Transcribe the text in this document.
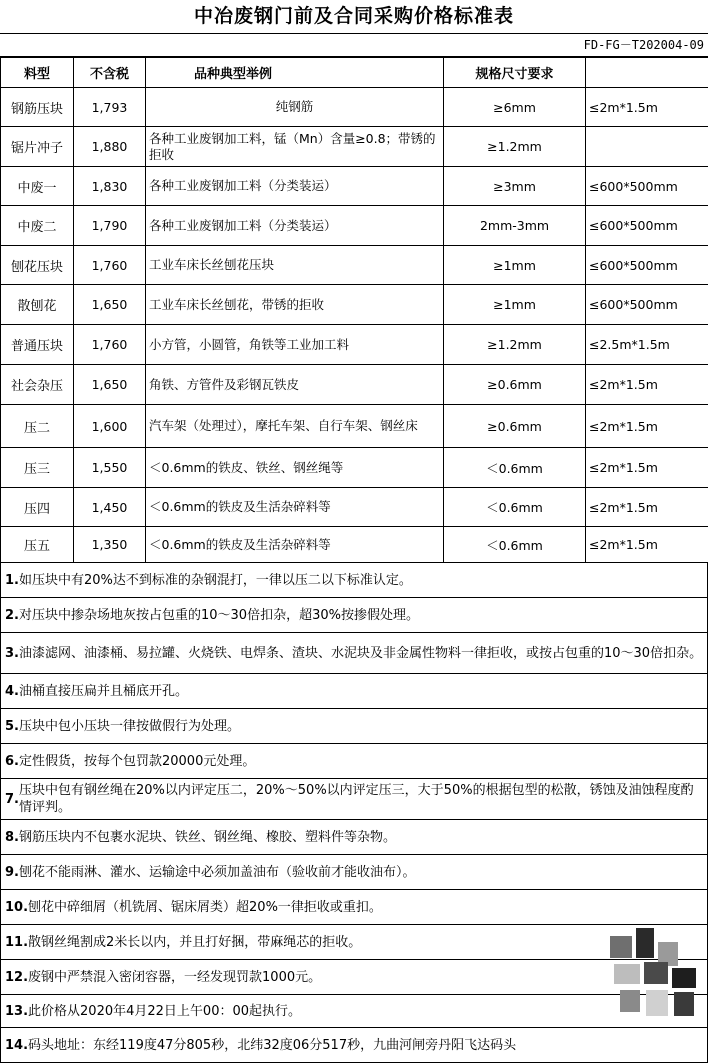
中冶废钢门前及合同采购价格标准表
FD-FG－T202004-09
料型	不含税	品种典型举例	规格尺寸要求	
钢筋压块	1,793	纯钢筋	≥6mm	≤2m*1.5m
锯片冲子	1,880	各种工业废钢加工料，锰（Mn）含量≥0.8；带锈的拒收	≥1.2mm	
中废一	1,830	各种工业废钢加工料（分类装运）	≥3mm	≤600*500mm
中废二	1,790	各种工业废钢加工料（分类装运）	2mm-3mm	≤600*500mm
刨花压块	1,760	工业车床长丝刨花压块	≥1mm	≤600*500mm
散刨花	1,650	工业车床长丝刨花，带锈的拒收	≥1mm	≤600*500mm
普通压块	1,760	小方管，小圆管，角铁等工业加工料	≥1.2mm	≤2.5m*1.5m
社会杂压	1,650	角铁、方管件及彩钢瓦铁皮	≥0.6mm	≤2m*1.5m
压二	1,600	汽车架（处理过），摩托车架、自行车架、钢丝床	≥0.6mm	≤2m*1.5m
压三	1,550	＜0.6mm的铁皮、铁丝、钢丝绳等	＜0.6mm	≤2m*1.5m
压四	1,450	＜0.6mm的铁皮及生活杂碎料等	＜0.6mm	≤2m*1.5m
压五	1,350	＜0.6mm的铁皮及生活杂碎料等	＜0.6mm	≤2m*1.5m
1. 如压块中有20%达不到标准的杂钢混打，一律以压二以下标准认定。
2. 对压块中掺杂场地灰按占包重的10～30倍扣杂，超30%按掺假处理。
3. 油漆滤网、油漆桶、易拉罐、火烧铁、电焊条、渣块、水泥块及非金属性物料一律拒收，或按占包重的10～30倍扣杂。
4. 油桶直接压扁并且桶底开孔。
5. 压块中包小压块一律按做假行为处理。
6. 定性假货，按每个包罚款20000元处理。
7.
压块中包有钢丝绳在20%以内评定压二，20%～50%以内评定压三，大于50%的根据包型的松散，锈蚀及油蚀程度酌情评判。
8. 钢筋压块内不包裹水泥块、铁丝、钢丝绳、橡胶、塑料件等杂物。
9. 刨花不能雨淋、灌水、运输途中必须加盖油布（验收前才能收油布）。
10. 刨花中碎细屑（机铣屑、锯床屑类）超20%一律拒收或重扣。
11. 散钢丝绳割成2米长以内，并且打好捆，带麻绳芯的拒收。
12. 废钢中严禁混入密闭容器，一经发现罚款1000元。
13. 此价格从2020年4月22日上午00：00起执行。
14. 码头地址：东经119度47分805秒，北纬32度06分517秒，九曲河闸旁丹阳飞达码头
